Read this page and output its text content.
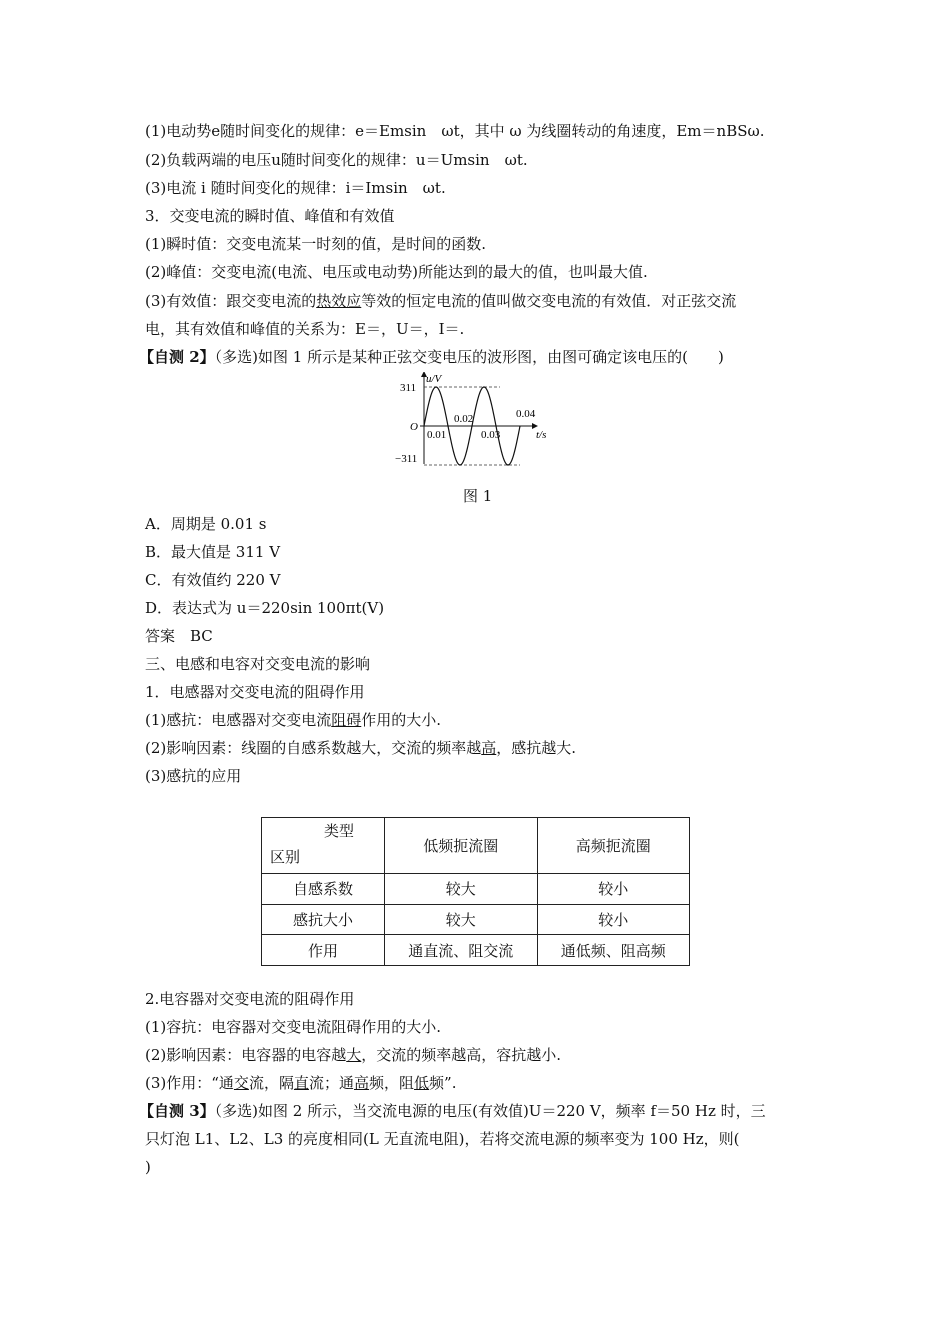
(1)电动势e随时间变化的规律：e＝Emsin　ωt，其中 ω 为线圈转动的角速度，Em＝nBSω.
(2)负载两端的电压u随时间变化的规律：u＝Umsin　ωt.
(3)电流 i 随时间变化的规律：i＝Imsin　ωt.
3．交变电流的瞬时值、峰值和有效值
(1)瞬时值：交变电流某一时刻的值，是时间的函数.
(2)峰值：交变电流(电流、电压或电动势)所能达到的最大的值，也叫最大值.
(3)有效值：跟交变电流的热效应等效的恒定电流的值叫做交变电流的有效值．对正弦交流
电，其有效值和峰值的关系为：E＝，U＝，I＝.
【自测 2】（多选)如图 1 所示是某种正弦交变电压的波形图，由图可确定该电压的(　　)
u/V
t/s
O
311
−311
0.01
0.02
0.03
0.04
图 1
A．周期是 0.01 s
B．最大值是 311 V
C．有效值约 220 V
D．表达式为 u＝220sin 100πt(V)
答案　BC
三、电感和电容对交变电流的影响
1．电感器对交变电流的阻碍作用
(1)感抗：电感器对交变电流阻碍作用的大小.
(2)影响因素：线圈的自感系数越大，交流的频率越高，感抗越大.
(3)感抗的应用
类型
区别	低频扼流圈	高频扼流圈
自感系数	较大	较小
感抗大小	较大	较小
作用	通直流、阻交流	通低频、阻高频
2.电容器对交变电流的阻碍作用
(1)容抗：电容器对交变电流阻碍作用的大小.
(2)影响因素：电容器的电容越大，交流的频率越高，容抗越小.
(3)作用：“通交流，隔直流；通高频，阻低频”.
【自测 3】（多选)如图 2 所示，当交流电源的电压(有效值)U＝220 V，频率 f＝50 Hz 时，三
只灯泡 L1、L2、L3 的亮度相同(L 无直流电阻)，若将交流电源的频率变为 100 Hz，则(
)
